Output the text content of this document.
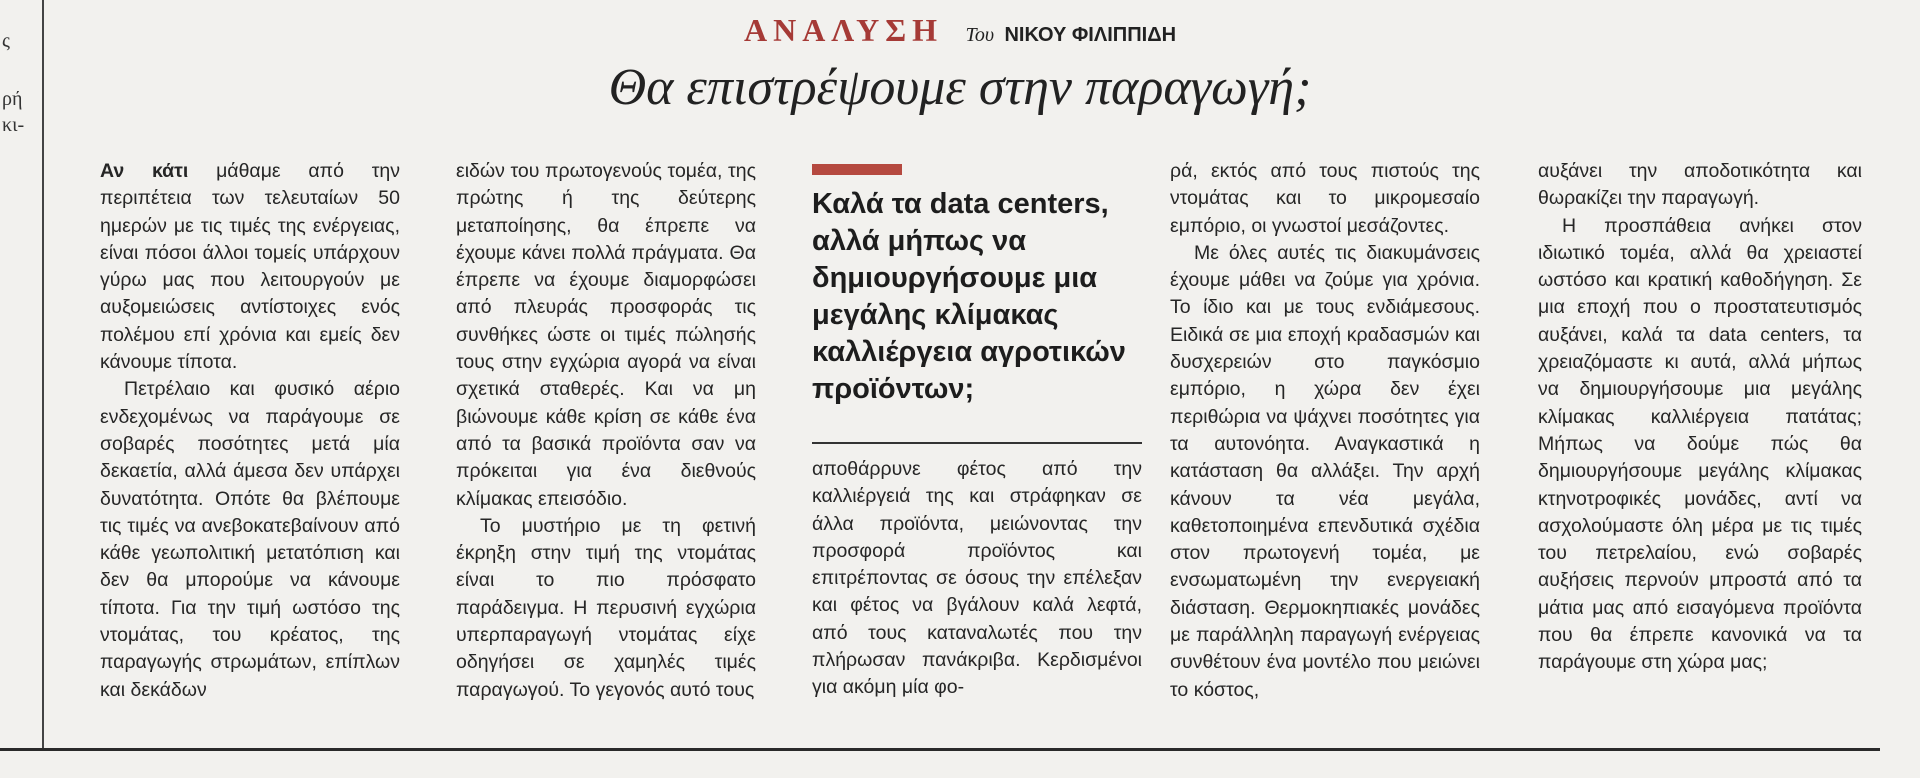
ς
ρή
κι-
ΑΝΑΛΥΣΗ Του ΝΙΚΟΥ ΦΙΛΙΠΠΙΔΗ
Θα επιστρέψουμε στην παραγωγή;

Αν κάτι μάθαμε από την περιπέτεια των τελευταίων 50 ημερών με τις τιμές της ενέργειας, είναι πόσοι άλλοι τομείς υπάρχουν γύρω μας που λειτουργούν με αυξομειώσεις αντίστοιχες ενός πολέμου επί χρόνια και εμείς δεν κάνουμε τίποτα.

Πετρέλαιο και φυσικό αέριο ενδεχομένως να παράγουμε σε σοβαρές ποσότητες μετά μία δεκαετία, αλλά άμεσα δεν υπάρχει δυνατότητα. Οπότε θα βλέπουμε τις τιμές να ανεβοκατεβαίνουν από κάθε γεωπολιτική μετατόπιση και δεν θα μπορούμε να κάνουμε τίποτα. Για την τιμή ωστόσο της ντομάτας, του κρέατος, της παραγωγής στρωμάτων, επίπλων και δεκάδων

ειδών του πρωτογενούς τομέα, της πρώτης ή της δεύτερης μεταποίησης, θα έπρεπε να έχουμε κάνει πολλά πράγματα. Θα έπρεπε να έχουμε διαμορφώσει από πλευράς προσφοράς τις συνθήκες ώστε οι τιμές πώλησής τους στην εγχώρια αγορά να είναι σχετικά σταθερές. Και να μη βιώνουμε κάθε κρίση σε κάθε ένα από τα βασικά προϊόντα σαν να πρόκειται για ένα διεθνούς κλίμακας επεισόδιο.

Το μυστήριο με τη φετινή έκρηξη στην τιμή της ντομάτας είναι το πιο πρόσφατο παράδειγμα. Η περυσινή εγχώρια υπερπαραγωγή ντομάτας είχε οδηγήσει σε χαμηλές τιμές παραγωγού. Το γεγονός αυτό τους

Καλά τα data centers, αλλά μήπως να δημιουργήσουμε μια μεγάλης κλίμακας καλλιέργεια αγροτικών προϊόντων;

αποθάρρυνε φέτος από την καλλιέργειά της και στράφηκαν σε άλλα προϊόντα, μειώνοντας την προσφορά προϊόντος και επιτρέποντας σε όσους την επέλεξαν και φέτος να βγάλουν καλά λεφτά, από τους καταναλωτές που την πλήρωσαν πανάκριβα. Κερδισμένοι για ακόμη μία φο-

ρά, εκτός από τους πιστούς της ντομάτας και το μικρομεσαίο εμπόριο, οι γνωστοί μεσάζοντες.

Με όλες αυτές τις διακυμάνσεις έχουμε μάθει να ζούμε για χρόνια. Το ίδιο και με τους ενδιάμεσους. Ειδικά σε μια εποχή κραδασμών και δυσχερειών στο παγκόσμιο εμπόριο, η χώρα δεν έχει περιθώρια να ψάχνει ποσότητες για τα αυτονόητα. Αναγκαστικά η κατάσταση θα αλλάξει. Την αρχή κάνουν τα νέα μεγάλα, καθετοποιημένα επενδυτικά σχέδια στον πρωτογενή τομέα, με ενσωματωμένη την ενεργειακή διάσταση. Θερμοκηπιακές μονάδες με παράλληλη παραγωγή ενέργειας συνθέτουν ένα μοντέλο που μειώνει το κόστος,

αυξάνει την αποδοτικότητα και θωρακίζει την παραγωγή.

Η προσπάθεια ανήκει στον ιδιωτικό τομέα, αλλά θα χρειαστεί ωστόσο και κρατική καθοδήγηση. Σε μια εποχή που ο προστατευτισμός αυξάνει, καλά τα data centers, τα χρειαζόμαστε κι αυτά, αλλά μήπως να δημιουργήσουμε μια μεγάλης κλίμακας καλλιέργεια πατάτας; Μήπως να δούμε πώς θα δημιουργήσουμε μεγάλης κλίμακας κτηνοτροφικές μονάδες, αντί να ασχολούμαστε όλη μέρα με τις τιμές του πετρελαίου, ενώ σοβαρές αυξήσεις περνούν μπροστά από τα μάτια μας από εισαγόμενα προϊόντα που θα έπρεπε κανονικά να τα παράγουμε στη χώρα μας;
